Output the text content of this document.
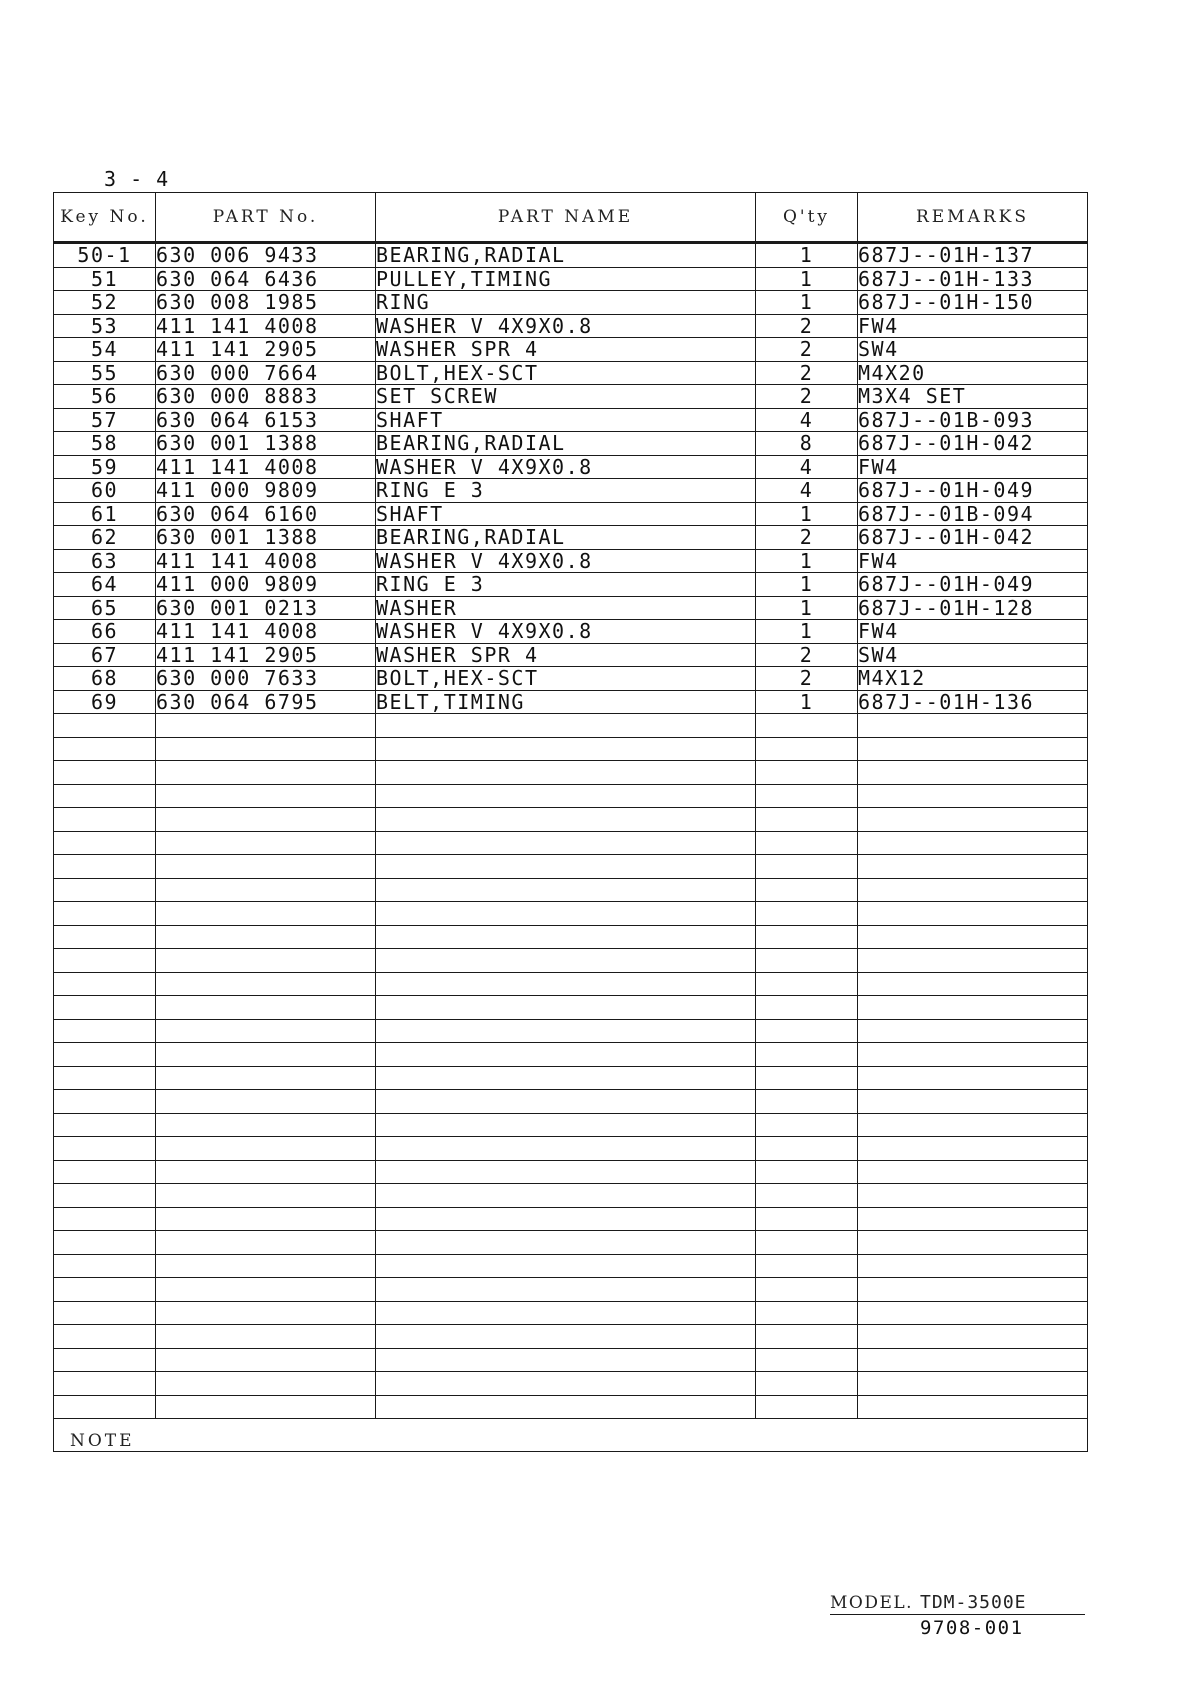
3 - 4
Key No.	PART No.	PART NAME	Q'ty	REMARKS
50-1	630 006 9433	BEARING,RADIAL	1	687J--01H-137
51	630 064 6436	PULLEY,TIMING	1	687J--01H-133
52	630 008 1985	RING	1	687J--01H-150
53	411 141 4008	WASHER V 4X9X0.8	2	FW4
54	411 141 2905	WASHER SPR 4	2	SW4
55	630 000 7664	BOLT,HEX-SCT	2	M4X20
56	630 000 8883	SET SCREW	2	M3X4 SET
57	630 064 6153	SHAFT	4	687J--01B-093
58	630 001 1388	BEARING,RADIAL	8	687J--01H-042
59	411 141 4008	WASHER V 4X9X0.8	4	FW4
60	411 000 9809	RING E 3	4	687J--01H-049
61	630 064 6160	SHAFT	1	687J--01B-094
62	630 001 1388	BEARING,RADIAL	2	687J--01H-042
63	411 141 4008	WASHER V 4X9X0.8	1	FW4
64	411 000 9809	RING E 3	1	687J--01H-049
65	630 001 0213	WASHER	1	687J--01H-128
66	411 141 4008	WASHER V 4X9X0.8	1	FW4
67	411 141 2905	WASHER SPR 4	2	SW4
68	630 000 7633	BOLT,HEX-SCT	2	M4X12
69	630 064 6795	BELT,TIMING	1	687J--01H-136

NOTE				
MODEL. TDM-3500E
9708-001
